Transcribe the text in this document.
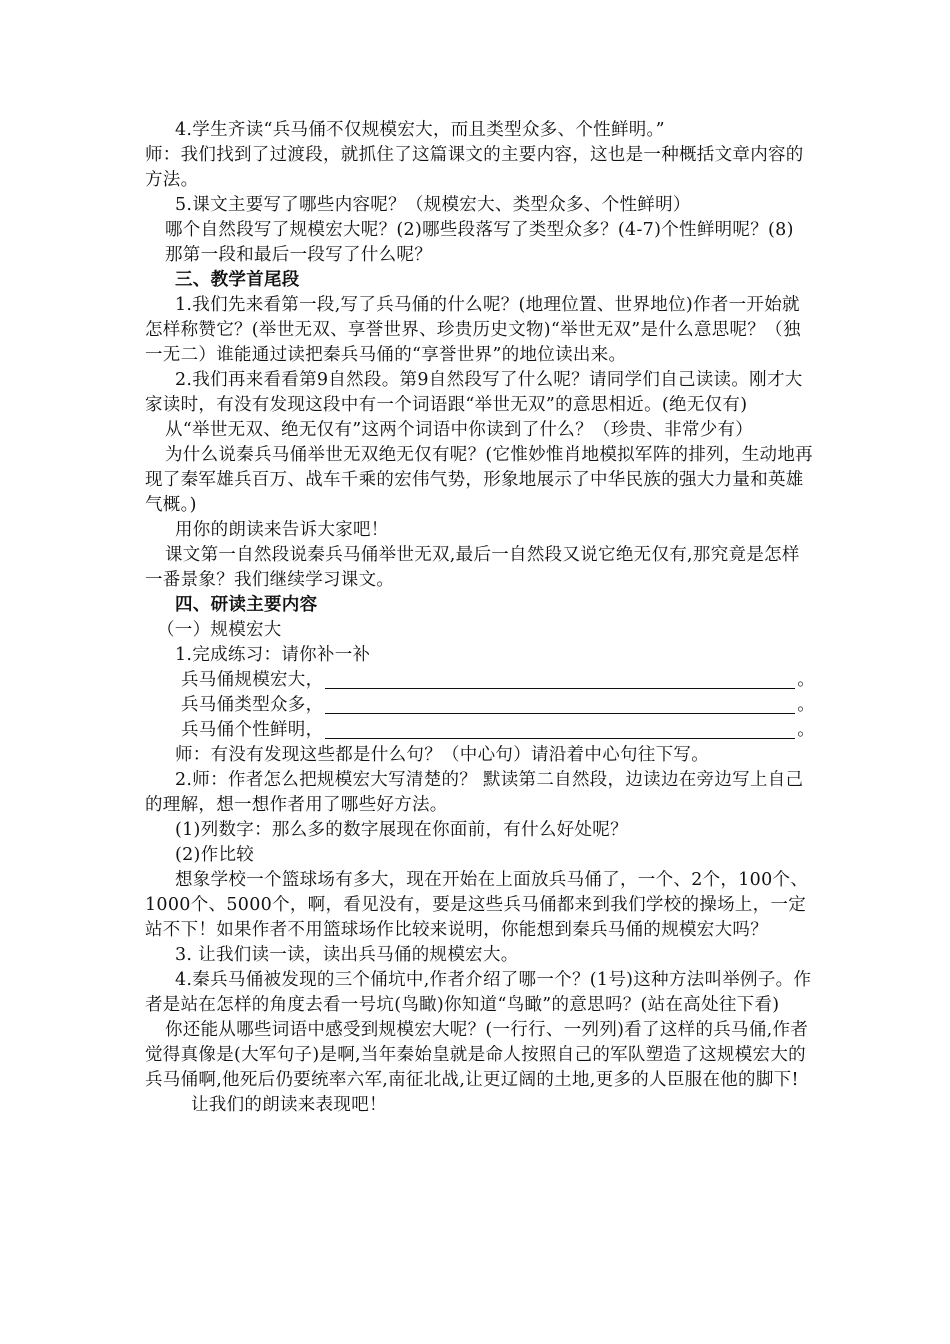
4.学生齐读“兵马俑不仅规模宏大，而且类型众多、个性鲜明。”

师：我们找到了过渡段，就抓住了这篇课文的主要内容，这也是一种概括文章内容的方法。

5.课文主要写了哪些内容呢？（规模宏大、类型众多、个性鲜明）

哪个自然段写了规模宏大呢？(2)哪些段落写了类型众多？(4-7)个性鲜明呢？(8)

那第一段和最后一段写了什么呢？

三、教学首尾段

1.我们先来看第一段,写了兵马俑的什么呢？(地理位置、世界地位)作者一开始就怎样称赞它？(举世无双、享誉世界、珍贵历史文物)“举世无双”是什么意思呢？（独一无二）谁能通过读把秦兵马俑的“享誉世界”的地位读出来。

2.我们再来看看第9自然段。第9自然段写了什么呢？请同学们自己读读。刚才大家读时，有没有发现这段中有一个词语跟“举世无双”的意思相近。(绝无仅有)

从“举世无双、绝无仅有”这两个词语中你读到了什么？（珍贵、非常少有）

为什么说秦兵马俑举世无双绝无仅有呢？(它惟妙惟肖地模拟军阵的排列，生动地再现了秦军雄兵百万、战车千乘的宏伟气势，形象地展示了中华民族的强大力量和英雄气概。)

用你的朗读来告诉大家吧！

课文第一自然段说秦兵马俑举世无双,最后一自然段又说它绝无仅有,那究竟是怎样一番景象？我们继续学习课文。

四、研读主要内容

（一）规模宏大

1.完成练习：请你补一补

兵马俑规模宏大，	。
兵马俑类型众多，	。
兵马俑个性鲜明，	。

师：有没有发现这些都是什么句？（中心句）请沿着中心句往下写。

2.师：作者怎么把规模宏大写清楚的？ 默读第二自然段，边读边在旁边写上自己的理解，想一想作者用了哪些好方法。

(1)列数字：那么多的数字展现在你面前，有什么好处呢？

(2)作比较

想象学校一个篮球场有多大，现在开始在上面放兵马俑了，一个、2个，100个、1000个、5000个，啊，看见没有，要是这些兵马俑都来到我们学校的操场上，一定站不下！如果作者不用篮球场作比较来说明，你能想到秦兵马俑的规模宏大吗？

3. 让我们读一读，读出兵马俑的规模宏大。

4.秦兵马俑被发现的三个俑坑中,作者介绍了哪一个？(1号)这种方法叫举例子。作者是站在怎样的角度去看一号坑(鸟瞰)你知道“鸟瞰”的意思吗？(站在高处往下看)

你还能从哪些词语中感受到规模宏大呢？(一行行、一列列)看了这样的兵马俑,作者觉得真像是(大军句子)是啊,当年秦始皇就是命人按照自己的军队塑造了这规模宏大的兵马俑啊,他死后仍要统率六军,南征北战,让更辽阔的土地,更多的人臣服在他的脚下!

让我们的朗读来表现吧！
